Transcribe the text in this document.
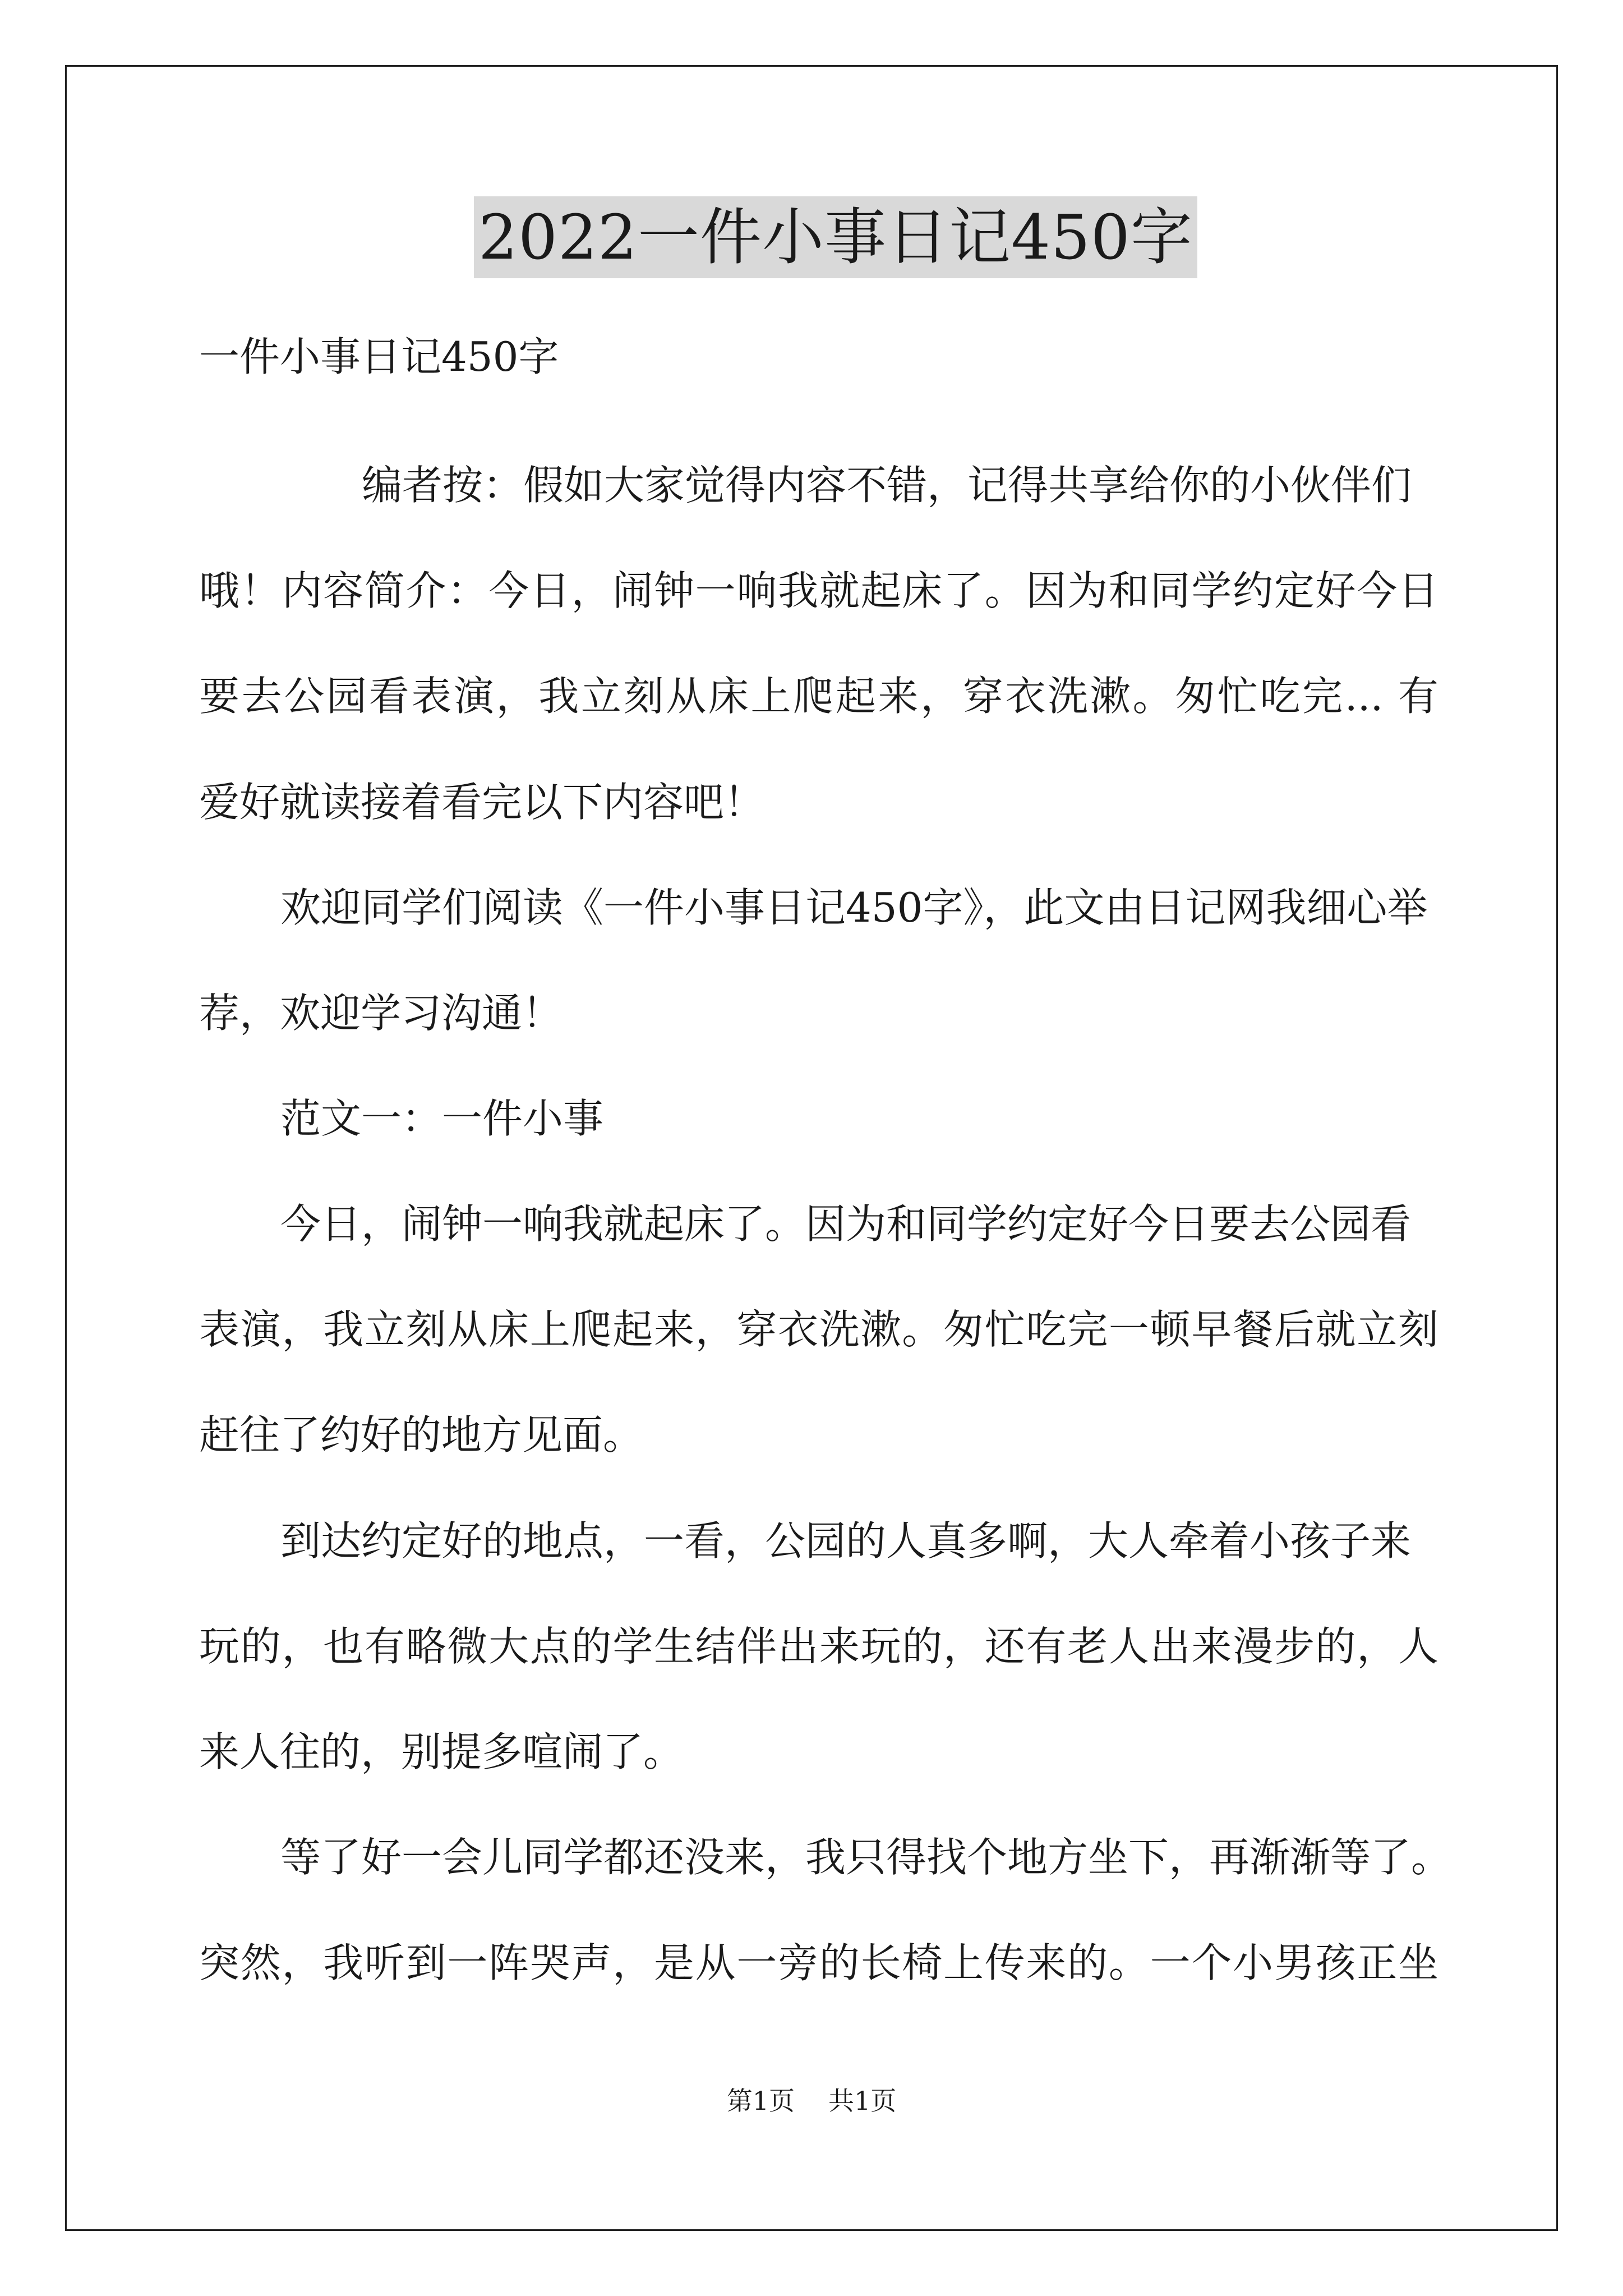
2022一件小事日记450字
一件小事日记450字
编者按：假如大家觉得内容不错，记得共享给你的小伙伴们
哦！内容简介：今日，闹钟一响我就起床了。因为和同学约定好今日
要去公园看表演，我立刻从床上爬起来，穿衣洗漱。匆忙吃完... 有
爱好就读接着看完以下内容吧！
欢迎同学们阅读《一件小事日记450字》，此文由日记网我细心举
荐，欢迎学习沟通！
范文一：一件小事
今日，闹钟一响我就起床了。因为和同学约定好今日要去公园看
表演，我立刻从床上爬起来，穿衣洗漱。匆忙吃完一顿早餐后就立刻
赶往了约好的地方见面。
到达约定好的地点，一看，公园的人真多啊，大人牵着小孩子来
玩的，也有略微大点的学生结伴出来玩的，还有老人出来漫步的，人
来人往的，别提多喧闹了。
等了好一会儿同学都还没来，我只得找个地方坐下，再渐渐等了。
突然，我听到一阵哭声，是从一旁的长椅上传来的。一个小男孩正坐
第1页 共1页
